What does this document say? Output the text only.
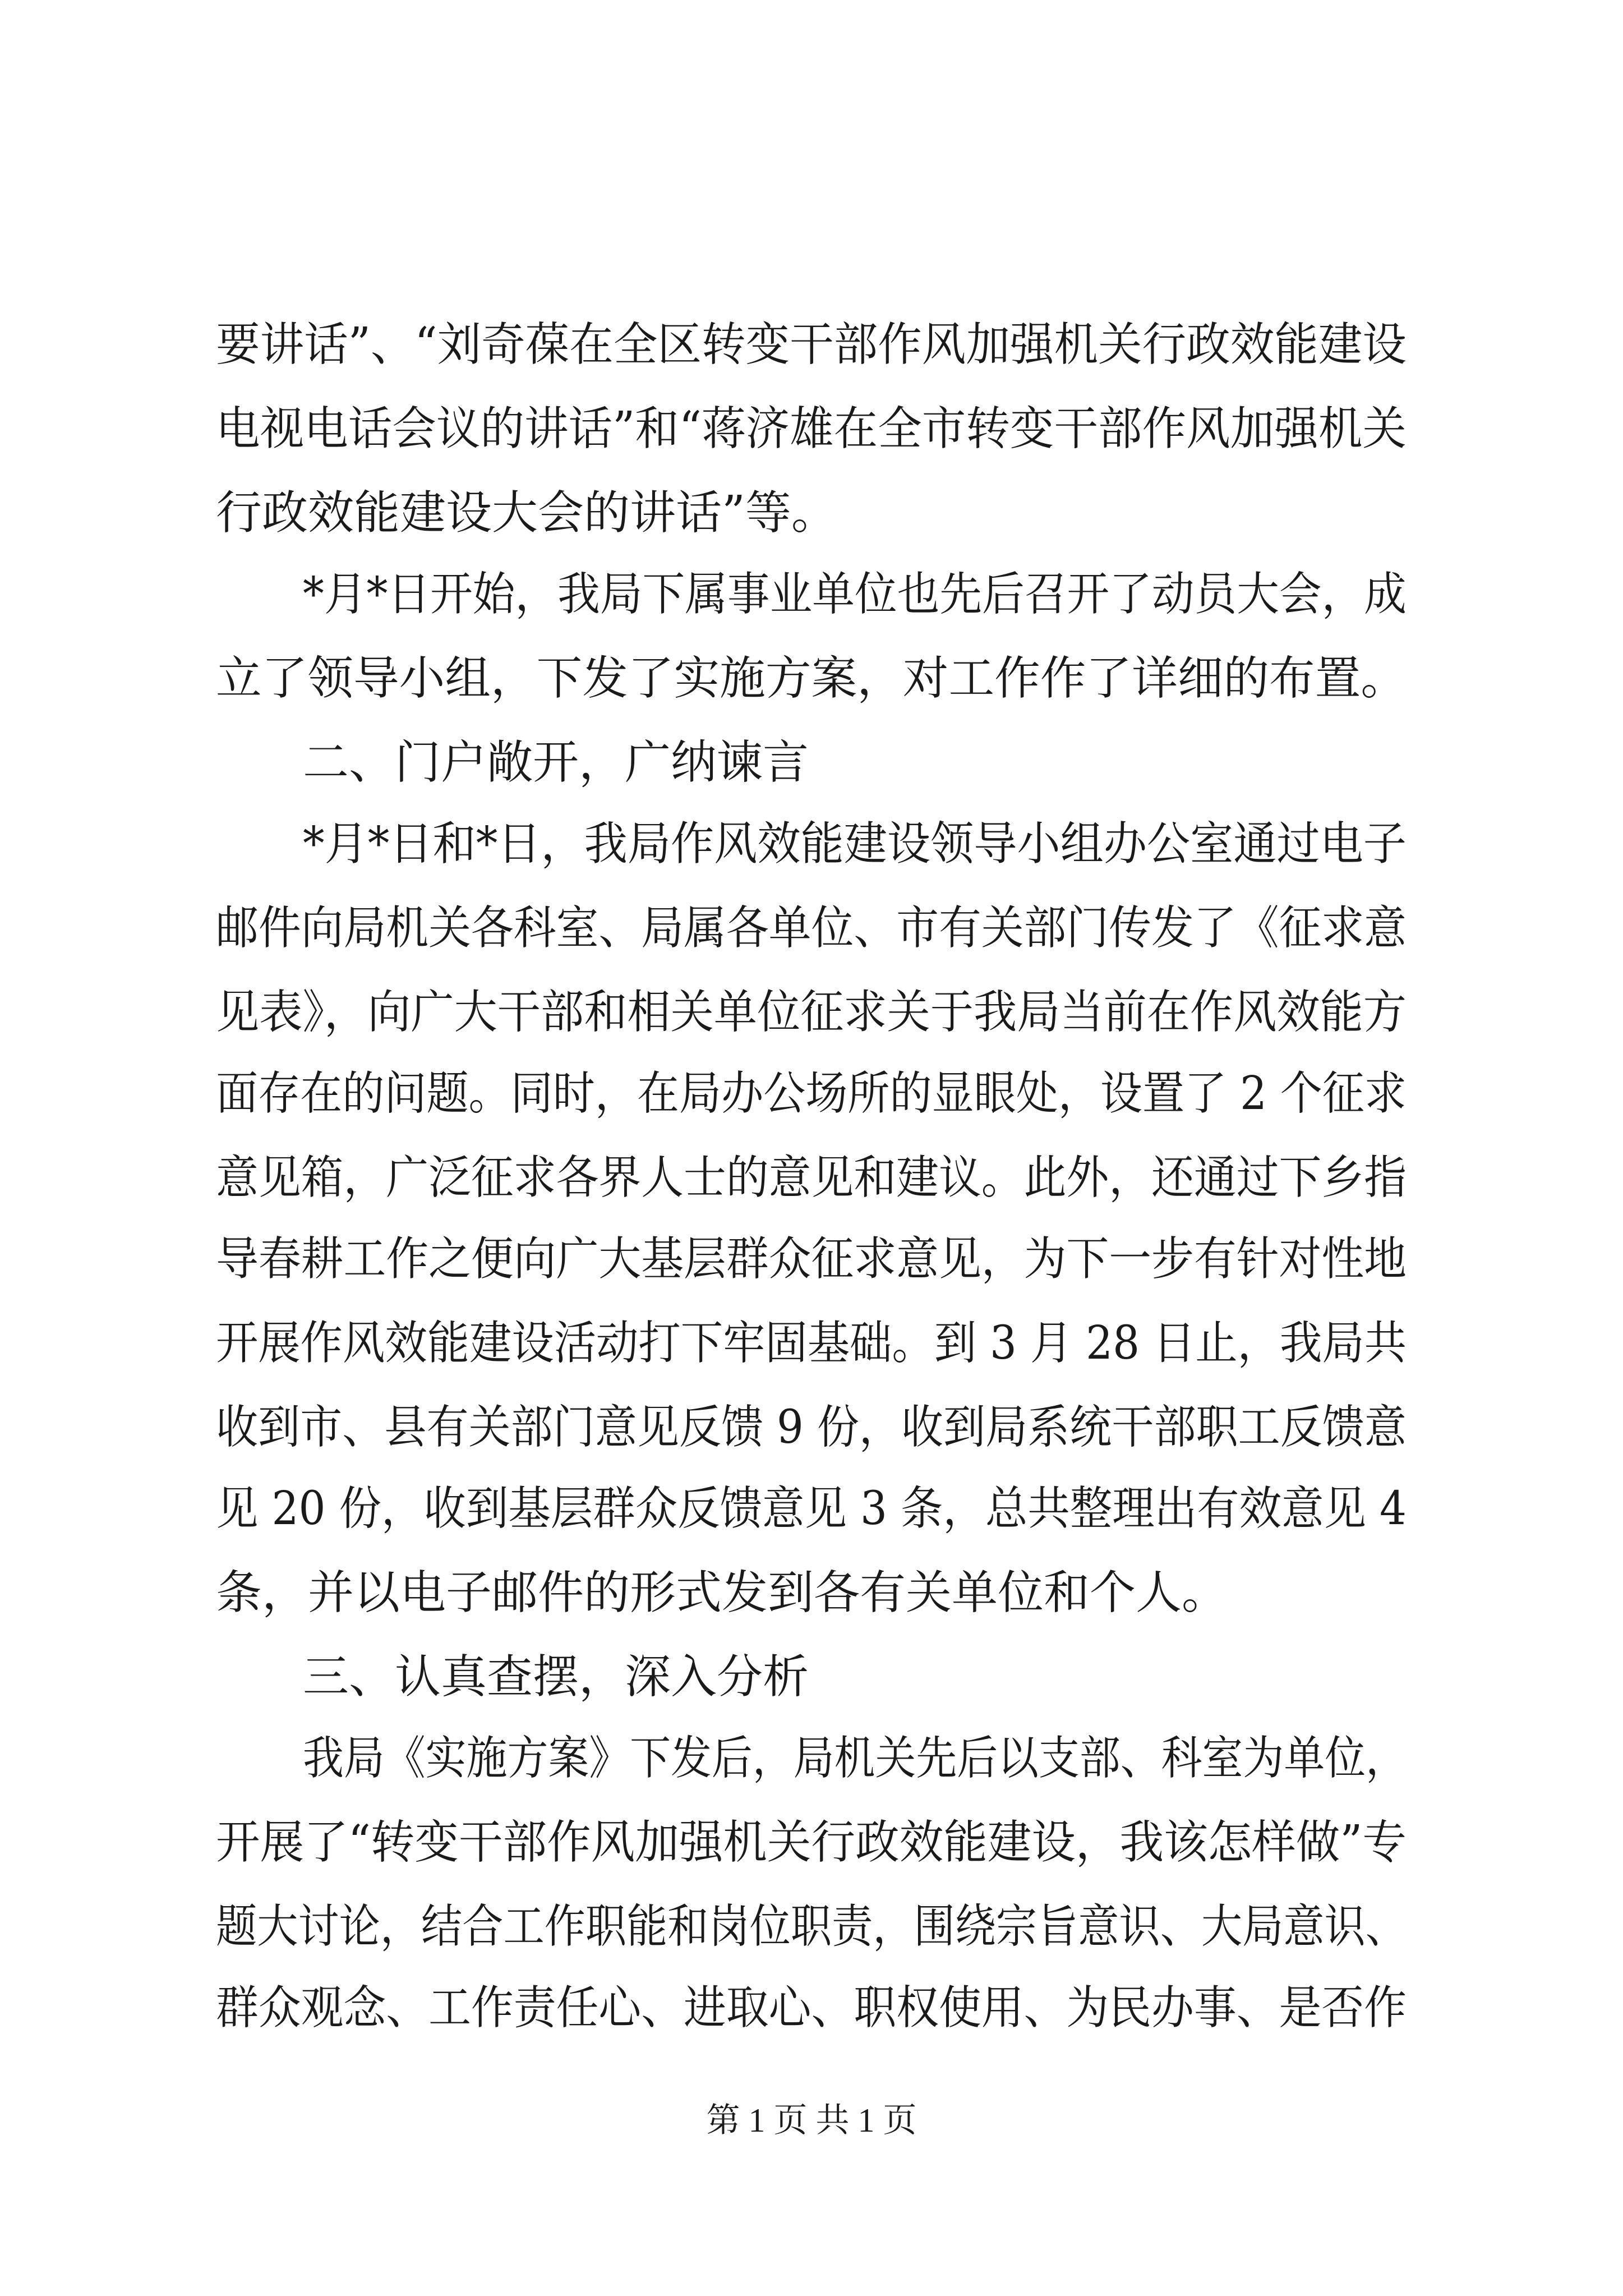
要讲话”、“刘奇葆在全区转变干部作风加强机关行政效能建设
电视电话会议的讲话”和“蒋济雄在全市转变干部作风加强机关
行政效能建设大会的讲话”等。
*月*日开始，我局下属事业单位也先后召开了动员大会，成
立了领导小组，下发了实施方案，对工作作了详细的布置。
二、门户敞开，广纳谏言
*月*日和*日，我局作风效能建设领导小组办公室通过电子
邮件向局机关各科室、局属各单位、市有关部门传发了《征求意
见表》，向广大干部和相关单位征求关于我局当前在作风效能方
面存在的问题。同时，在局办公场所的显眼处，设置了 2 个征求
意见箱，广泛征求各界人士的意见和建议。此外，还通过下乡指
导春耕工作之便向广大基层群众征求意见，为下一步有针对性地
开展作风效能建设活动打下牢固基础。到 3 月 28 日止，我局共
收到市、县有关部门意见反馈 9 份，收到局系统干部职工反馈意
见 20 份，收到基层群众反馈意见 3 条，总共整理出有效意见 4
条，并以电子邮件的形式发到各有关单位和个人。
三、认真查摆，深入分析
我局《实施方案》下发后，局机关先后以支部、科室为单位，
开展了“转变干部作风加强机关行政效能建设，我该怎样做”专
题大讨论，结合工作职能和岗位职责，围绕宗旨意识、大局意识、
群众观念、工作责任心、进取心、职权使用、为民办事、是否作
第 1 页 共 1 页
